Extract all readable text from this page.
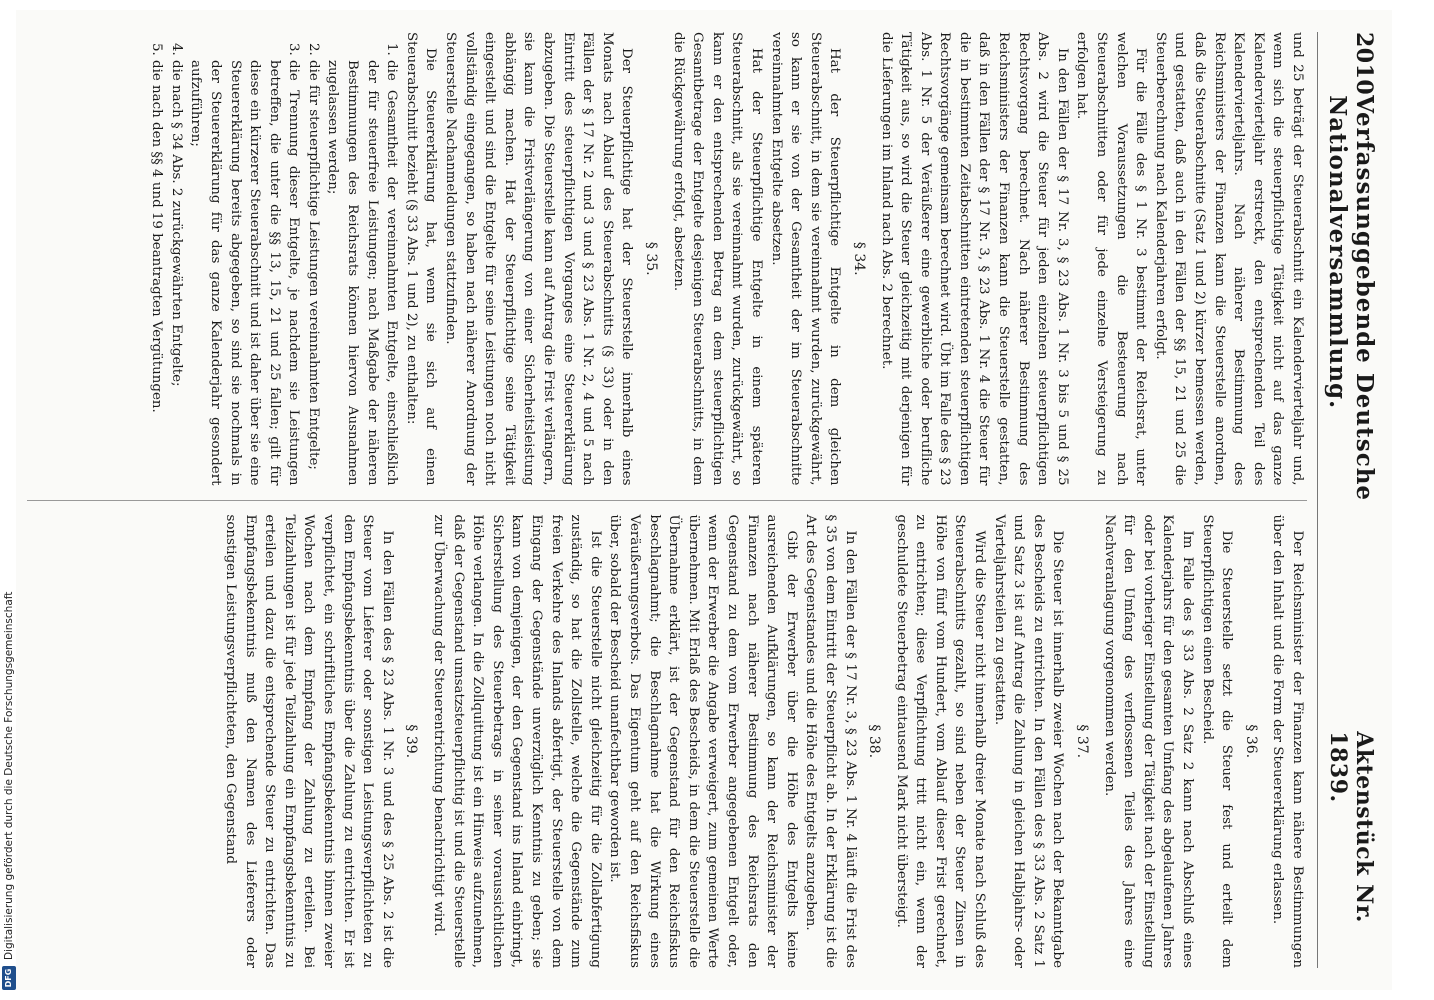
DFG
Digitalisierung gefördert durch die Deutsche Forschungsgemeinschaft
2010
Verfassunggebende Deutsche Nationalversammlung.
Aktenstück Nr. 1839.

und 25 beträgt der Steuerabschnitt ein Kalendervierteljahr und, wenn sich die steuerpflichtige Tätigkeit nicht auf das ganze Kalendervierteljahr erstreckt, den entsprechenden Teil des Kalendervierteljahrs. Nach näherer Bestimmung des Reichsministers der Finanzen kann die Steuerstelle anordnen, daß die Steuerabschnitte (Satz 1 und 2) kürzer bemessen werden, und gestatten, daß auch in den Fällen der §§ 15, 21 und 25 die Steuerberechnung nach Kalenderjahren erfolgt.

Für die Fälle des § 1 Nr. 3 bestimmt der Reichsrat, unter welchen Voraussetzungen die Besteuerung nach Steuerabschnitten oder für jede einzelne Versteigerung zu erfolgen hat.

In den Fällen der § 17 Nr. 3, § 23 Abs. 1 Nr. 3 bis 5 und § 25 Abs. 2 wird die Steuer für jeden einzelnen steuerpflichtigen Rechtsvorgang berechnet. Nach näherer Bestimmung des Reichsministers der Finanzen kann die Steuerstelle gestatten, daß in den Fällen der § 17 Nr. 3, § 23 Abs. 1 Nr. 4 die Steuer für die in bestimmten Zeitabschnitten eintretenden steuerpflichtigen Rechtsvorgänge gemeinsam berechnet wird. Übt im Falle des § 23 Abs. 1 Nr. 5 der Veräußerer eine gewerbliche oder berufliche Tätigkeit aus, so wird die Steuer gleichzeitig mit derjenigen für die Lieferungen im Inland nach Abs. 2 berechnet.

§ 34.

Hat der Steuerpflichtige Entgelte in dem gleichen Steuerabschnitt, in dem sie vereinnahmt wurden, zurückgewährt, so kann er sie von der Gesamtheit der im Steuerabschnitte vereinnahmten Entgelte absetzen.

Hat der Steuerpflichtige Entgelte in einem späteren Steuerabschnitt, als sie vereinnahmt wurden, zurückgewährt, so kann er den entsprechenden Betrag an dem steuerpflichtigen Gesamtbetrage der Entgelte desjenigen Steuerabschnitts, in dem die Rückgewährung erfolgt, absetzen.

§ 35.

Der Steuerpflichtige hat der Steuerstelle innerhalb eines Monats nach Ablauf des Steuerabschnitts (§ 33) oder in den Fällen der § 17 Nr. 2 und 3 und § 23 Abs. 1 Nr. 2, 4 und 5 nach Eintritt des steuerpflichtigen Vorganges eine Steuererklärung abzugeben. Die Steuerstelle kann auf Antrag die Frist verlängern, sie kann die Fristverlängerung von einer Sicherheitsleistung abhängig machen. Hat der Steuerpflichtige seine Tätigkeit eingestellt und sind die Entgelte für seine Leistungen noch nicht vollständig eingegangen, so haben nach näherer Anordnung der Steuerstelle Nachanmeldungen stattzufinden.

Die Steuererklärung hat, wenn sie sich auf einen Steuerabschnitt bezieht (§ 33 Abs. 1 und 2), zu enthalten:

1. die Gesamtheit der vereinnahmten Entgelte, einschließlich der für steuerfreie Leistungen; nach Maßgabe der näheren Bestimmungen des Reichsrats können hiervon Ausnahmen zugelassen werden;
2. die für steuerpflichtige Leistungen vereinnahmten Entgelte;
3. die Trennung dieser Entgelte, je nachdem sie Leistungen betreffen, die unter die §§ 13, 15, 21 und 25 fallen; gilt für diese ein kürzerer Steuerabschnitt und ist daher über sie eine Steuererklärung bereits abgegeben, so sind sie nochmals in der Steuererklärung für das ganze Kalenderjahr gesondert aufzuführen;
4. die nach § 34 Abs. 2 zurückgewährten Entgelte;
5. die nach den §§ 4 und 19 beantragten Vergütungen.

Der Reichsminister der Finanzen kann nähere Bestimmungen über den Inhalt und die Form der Steuererklärung erlassen.

§ 36.

Die Steuerstelle setzt die Steuer fest und erteilt dem Steuerpflichtigen einen Bescheid.

Im Falle des § 33 Abs. 2 Satz 2 kann nach Abschluß eines Kalenderjahrs für den gesamten Umfang des abgelaufenen Jahres oder bei vorheriger Einstellung der Tätigkeit nach der Einstellung für den Umfang des verflossenen Teiles des Jahres eine Nachveranlagung vorgenommen werden.

§ 37.

Die Steuer ist innerhalb zweier Wochen nach der Bekanntgabe des Bescheids zu entrichten. In den Fällen des § 33 Abs. 2 Satz 1 und Satz 3 ist auf Antrag die Zahlung in gleichen Halbjahrs- oder Vierteljahrsteilen zu gestatten.

Wird die Steuer nicht innerhalb dreier Monate nach Schluß des Steuerabschnitts gezahlt, so sind neben der Steuer Zinsen in Höhe von fünf vom Hundert, vom Ablauf dieser Frist gerechnet, zu entrichten; diese Verpflichtung tritt nicht ein, wenn der geschuldete Steuerbetrag eintausend Mark nicht übersteigt.

§ 38.

In den Fällen der § 17 Nr. 3, § 23 Abs. 1 Nr. 4 läuft die Frist des § 35 von dem Eintritt der Steuerpflicht ab. In der Erklärung ist die Art des Gegenstandes und die Höhe des Entgelts anzugeben.

Gibt der Erwerber über die Höhe des Entgelts keine ausreichenden Aufklärungen, so kann der Reichsminister der Finanzen nach näherer Bestimmung des Reichsrats den Gegenstand zu dem vom Erwerber angegebenen Entgelt oder, wenn der Erwerber die Angabe verweigert, zum gemeinen Werte übernehmen. Mit Erlaß des Bescheids, in dem die Steuerstelle die Übernahme erklärt, ist der Gegenstand für den Reichsfiskus beschlagnahmt; die Beschlagnahme hat die Wirkung eines Veräußerungsverbots. Das Eigentum geht auf den Reichsfiskus über, sobald der Bescheid unanfechtbar geworden ist.

Ist die Steuerstelle nicht gleichzeitig für die Zollabfertigung zuständig, so hat die Zollstelle, welche die Gegenstände zum freien Verkehre des Inlands abfertigt, der Steuerstelle von dem Eingang der Gegenstände unverzüglich Kenntnis zu geben; sie kann von demjenigen, der den Gegenstand ins Inland einbringt, Sicherstellung des Steuerbetrags in seiner voraussichtlichen Höhe verlangen. In die Zollquittung ist ein Hinweis aufzunehmen, daß der Gegenstand umsatzsteuerpflichtig ist und die Steuerstelle zur Überwachung der Steuerentrichtung benachrichtigt wird.

§ 39.

In den Fällen des § 23 Abs. 1 Nr. 3 und des § 25 Abs. 2 ist die Steuer vom Lieferer oder sonstigen Leistungsverpflichteten zu dem Empfangsbekenntnis über die Zahlung zu entrichten. Er ist verpflichtet, ein schriftliches Empfangsbekenntnis binnen zweier Wochen nach dem Empfang der Zahlung zu erteilen. Bei Teilzahlungen ist für jede Teilzahlung ein Empfangsbekenntnis zu erteilen und dazu die entsprechende Steuer zu entrichten. Das Empfangsbekenntnis muß den Namen des Lieferers oder sonstigen Leistungsverpflichteten, den Gegenstand
